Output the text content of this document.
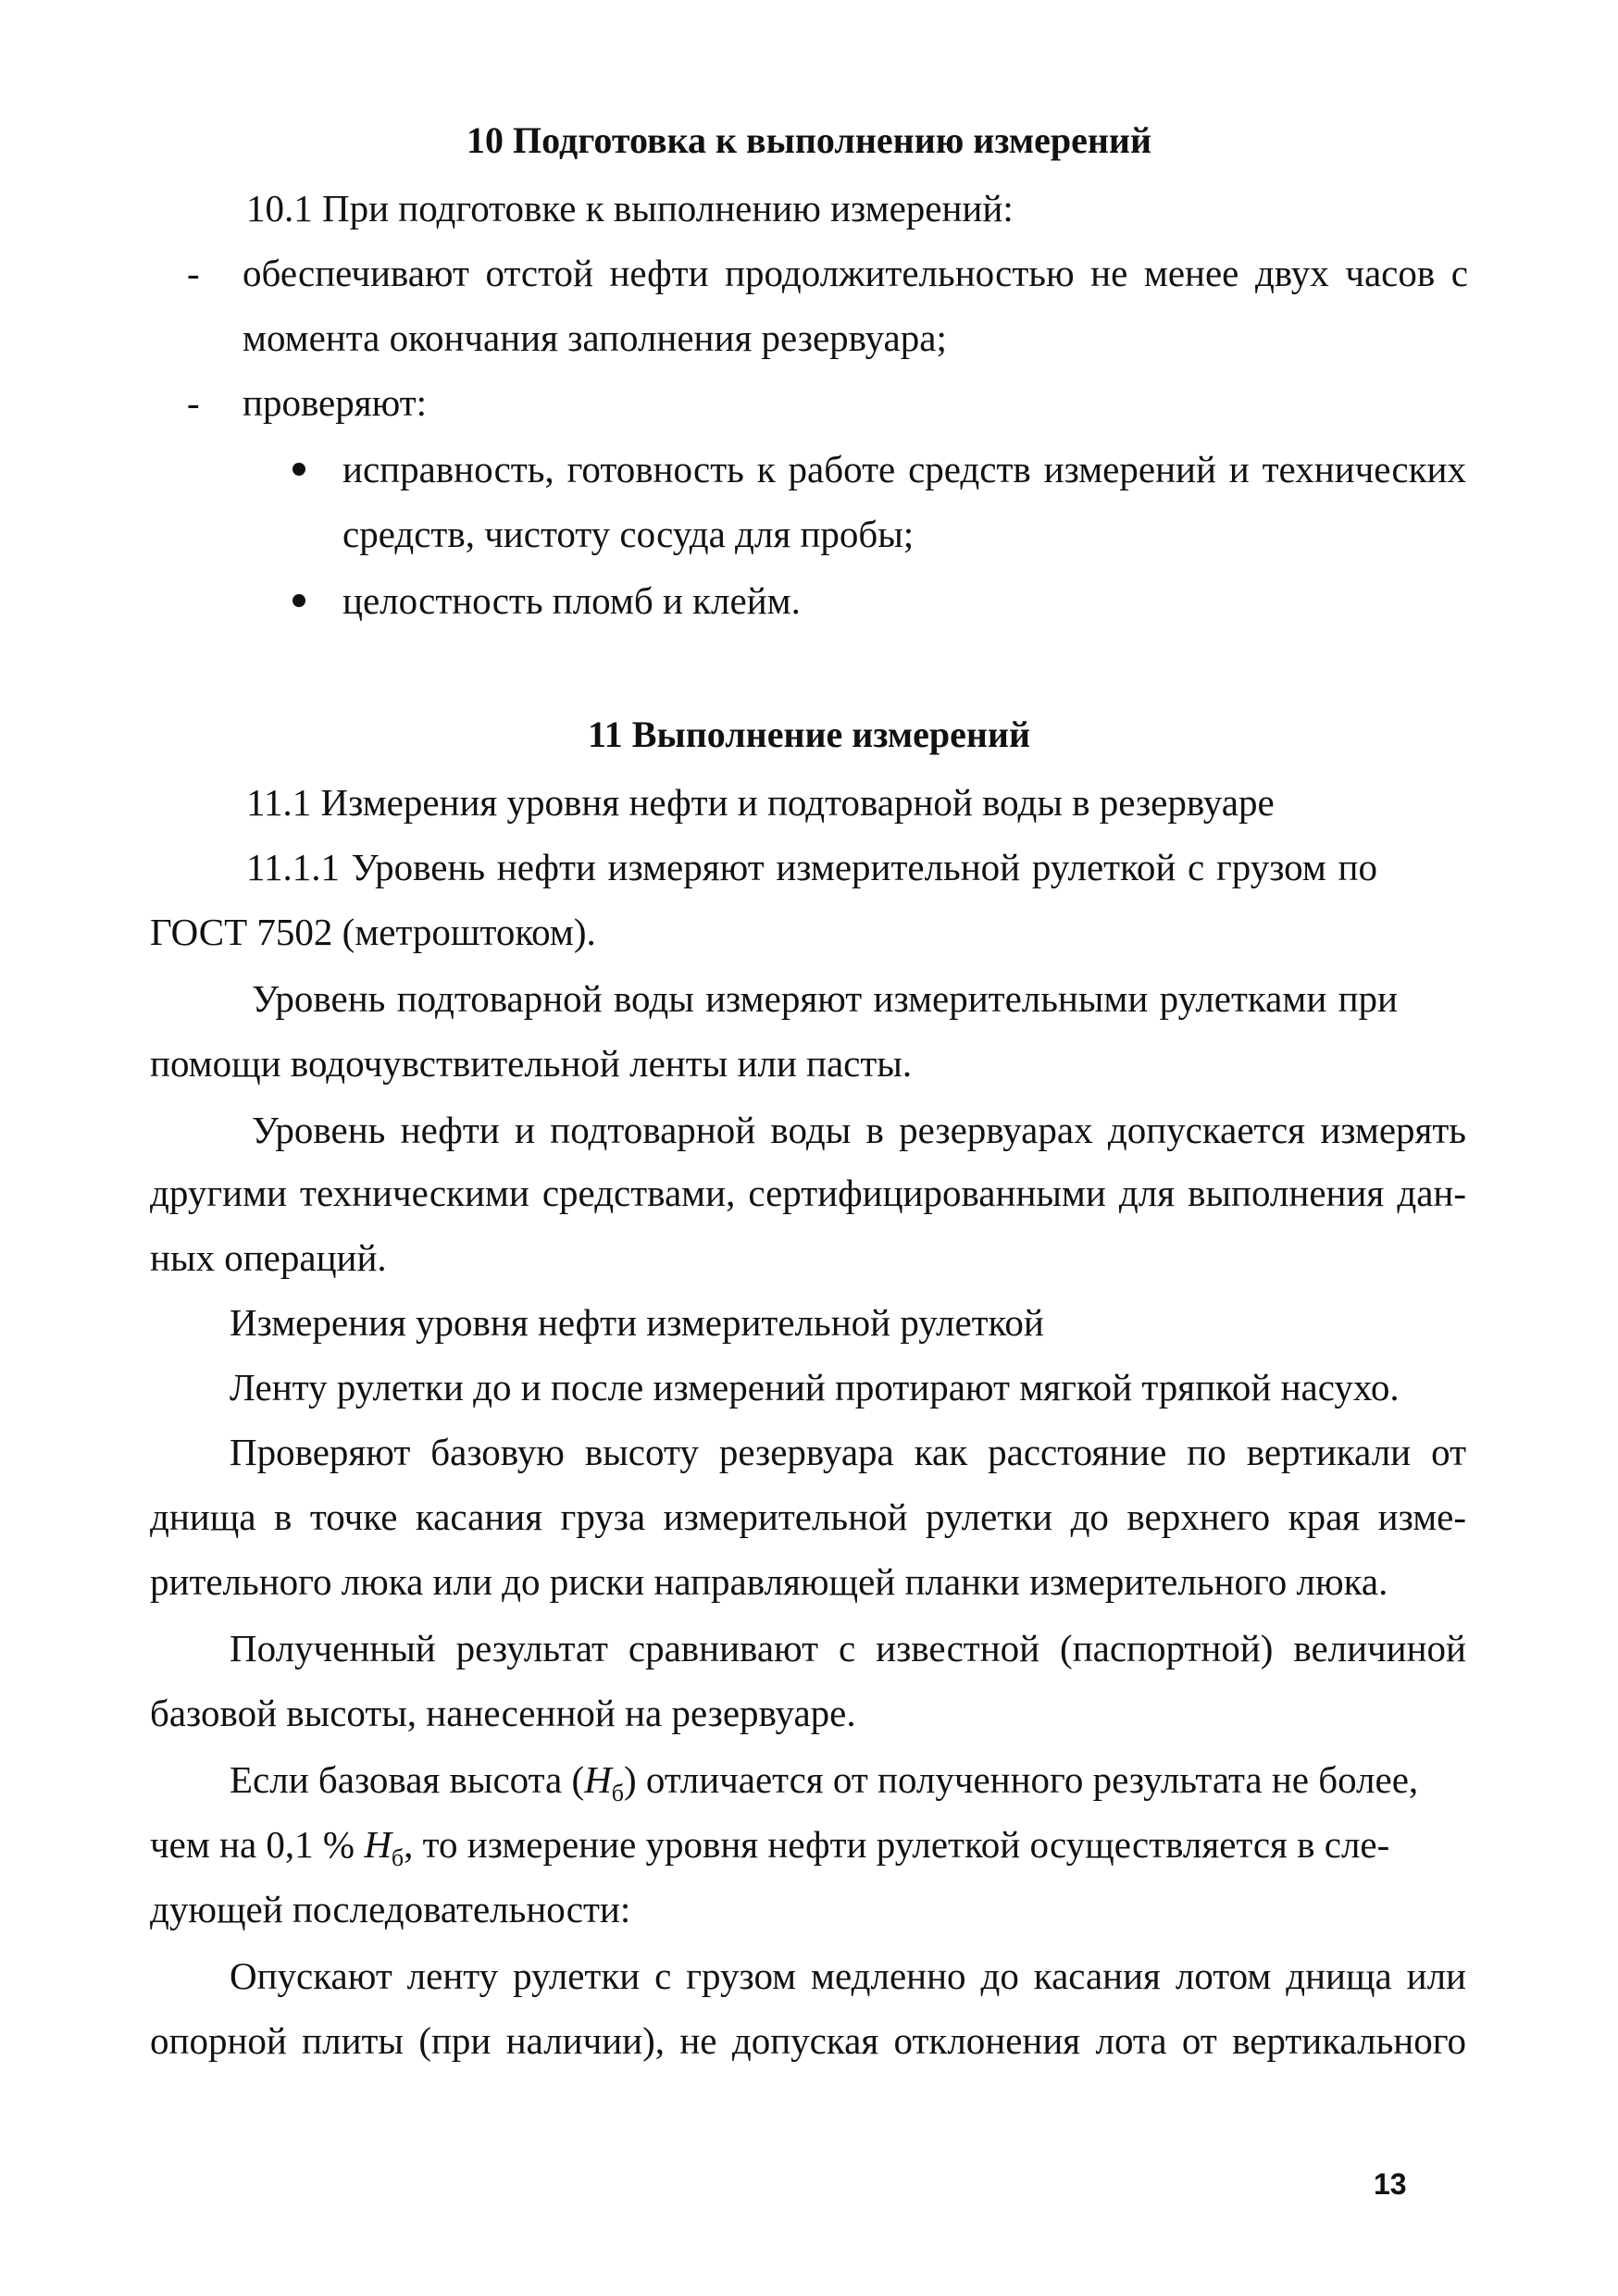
10 Подготовка к выполнению измерений
10.1 При подготовке к выполнению измерений:
- обеспечивают отстой нефти продолжительностью не менее двух часов с
момента окончания заполнения резервуара;
- проверяют:
исправность, готовность к работе средств измерений и технических
средств, чистоту сосуда для пробы;
целостность пломб и клейм.
11 Выполнение измерений
11.1 Измерения уровня нефти и подтоварной воды в резервуаре
11.1.1 Уровень нефти измеряют измерительной рулеткой с грузом по
ГОСТ 7502 (метроштоком).
Уровень подтоварной воды измеряют измерительными рулетками при
помощи водочувствительной ленты или пасты.
Уровень нефти и подтоварной воды в резервуарах допускается измерять
другими техническими средствами, сертифицированными для выполнения дан-
ных операций.
Измерения уровня нефти измерительной рулеткой
Ленту рулетки до и после измерений протирают мягкой тряпкой насухо.
Проверяют базовую высоту резервуара как расстояние по вертикали от
днища в точке касания груза измерительной рулетки до верхнего края изме-
рительного люка или до риски направляющей планки измерительного люка.
Полученный результат сравнивают с известной (паспортной) величиной
базовой высоты, нанесенной на резервуаре.
Если базовая высота $(H_б)$ отличается от полученного результата не более,
чем на 0,1 % $H_б$, то измерение уровня нефти рулеткой осуществляется в сле-
дующей последовательности:
Опускают ленту рулетки с грузом медленно до касания лотом днища или
опорной плиты (при наличии), не допуская отклонения лота от вертикального
13
